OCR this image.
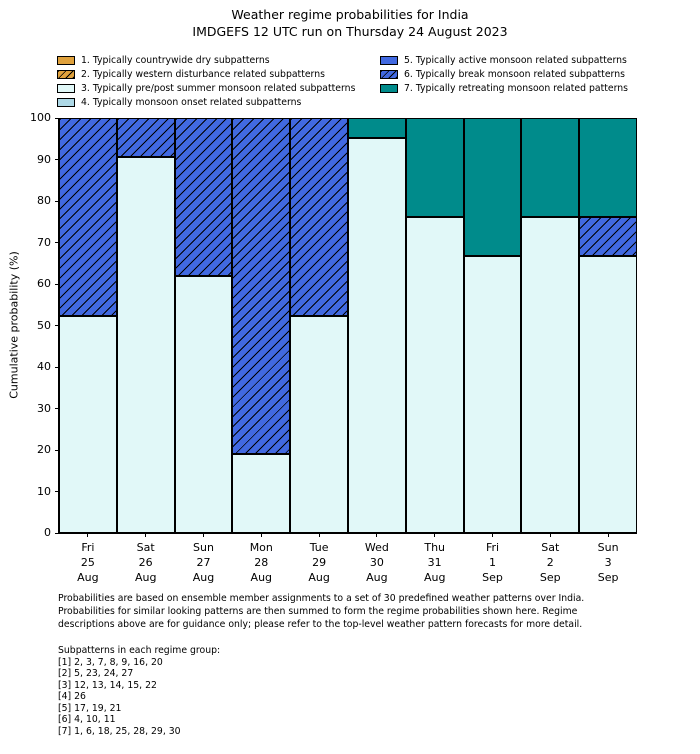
Weather regime probabilities for India
IMDGEFS 12 UTC run on Thursday 24 August 2023
1. Typically countrywide dry subpatterns
2. Typically western disturbance related subpatterns
3. Typically pre/post summer monsoon related subpatterns
4. Typically monsoon onset related subpatterns
5. Typically active monsoon related subpatterns
6. Typically break monsoon related subpatterns
7. Typically retreating monsoon related patterns
Cumulative probability (%)
0
10
20
30
40
50
60
70
80
90
100
Fri
25
Aug
Sat
26
Aug
Sun
27
Aug
Mon
28
Aug
Tue
29
Aug
Wed
30
Aug
Thu
31
Aug
Fri
1
Sep
Sat
2
Sep
Sun
3
Sep
Probabilities are based on ensemble member assignments to a set of 30 predefined weather patterns over India.
Probabilities for similar looking patterns are then summed to form the regime probabilities shown here. Regime
descriptions above are for guidance only; please refer to the top-level weather pattern forecasts for more detail.
Subpatterns in each regime group:
[1] 2, 3, 7, 8, 9, 16, 20
[2] 5, 23, 24, 27
[3] 12, 13, 14, 15, 22
[4] 26
[5] 17, 19, 21
[6] 4, 10, 11
[7] 1, 6, 18, 25, 28, 29, 30
